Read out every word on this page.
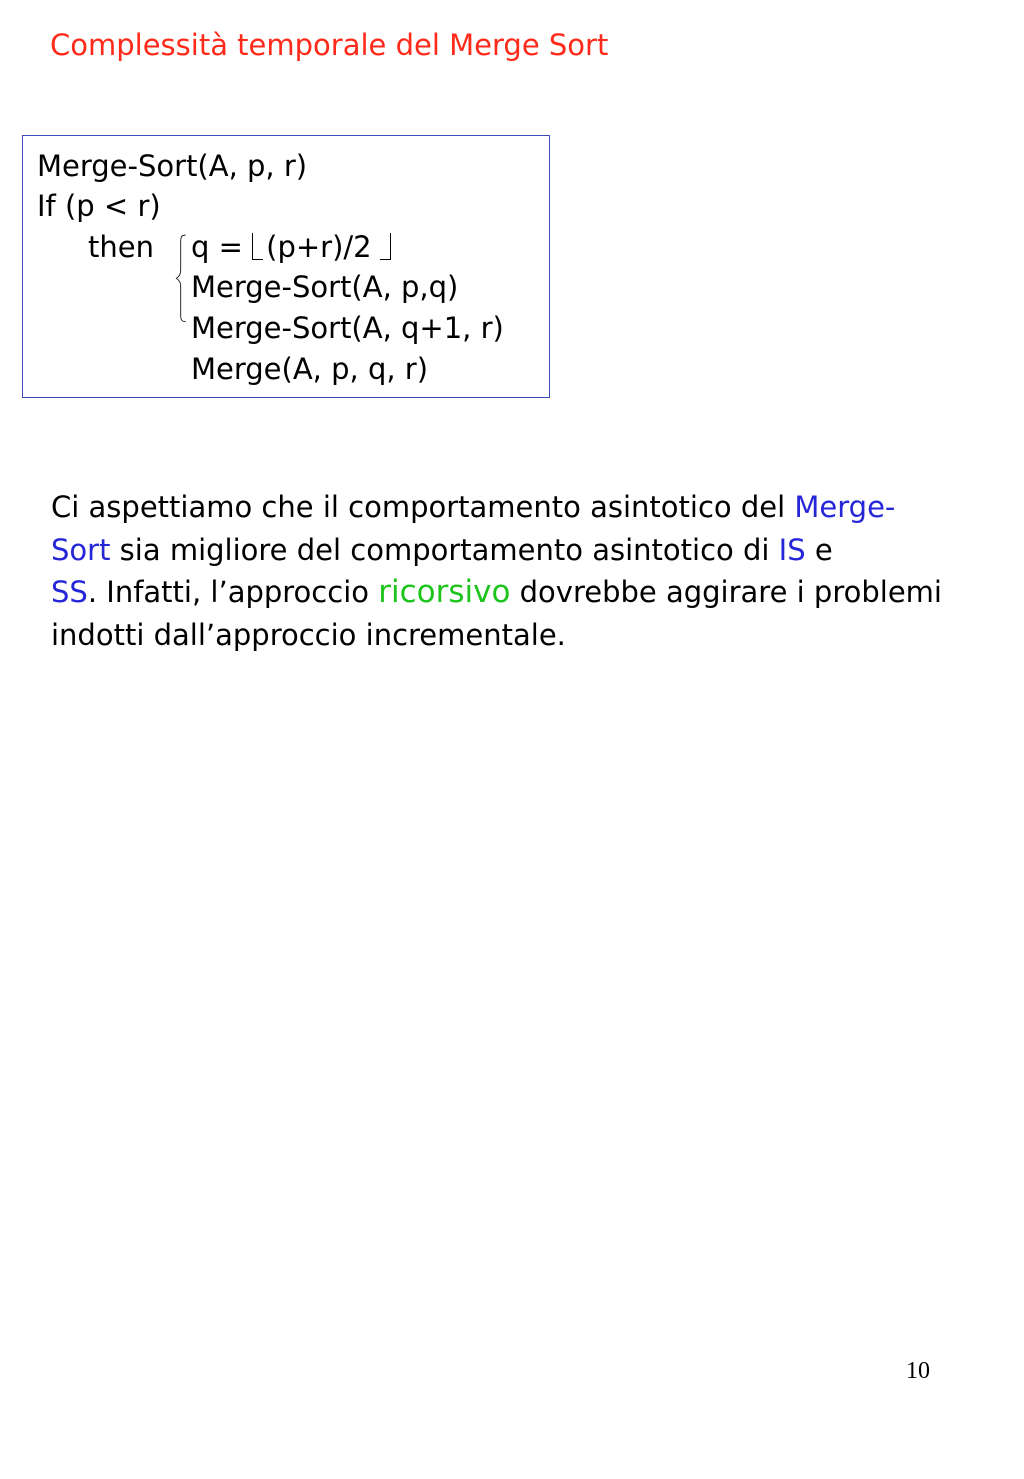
Complessità temporale del Merge Sort
Merge-Sort(A, p, r)
If (p < r)
then q = (p+r)/2
Merge-Sort(A, p,q)
Merge-Sort(A, q+1, r)
Merge(A, p, q, r)
Ci aspettiamo che il comportamento asintotico del Merge-
Sort sia migliore del comportamento asintotico di IS e
SS. Infatti, l’approccio ricorsivo dovrebbe aggirare i problemi indotti dall’approccio incrementale.
10
